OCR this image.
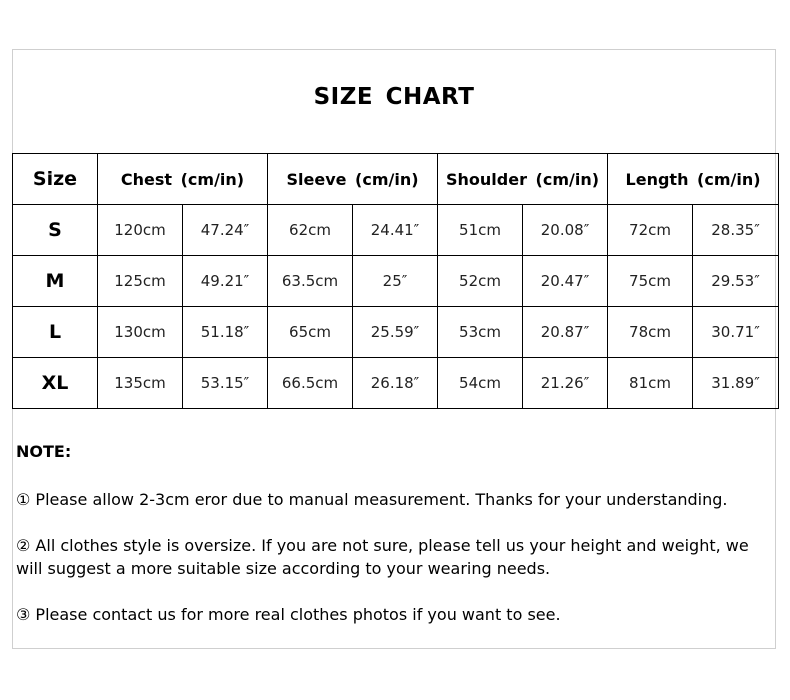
SIZE CHART
Size	Chest (cm/in)		Sleeve (cm/in)		Shoulder (cm/in)		Length (cm/in)	
S	120cm	47.24″	62cm	24.41″	51cm	20.08″	72cm	28.35″
M	125cm	49.21″	63.5cm	25″	52cm	20.47″	75cm	29.53″
L	130cm	51.18″	65cm	25.59″	53cm	20.87″	78cm	30.71″
XL	135cm	53.15″	66.5cm	26.18″	54cm	21.26″	81cm	31.89″
NOTE:
① Please allow 2-3cm eror due to manual measurement. Thanks for your understanding.
② All clothes style is oversize. If you are not sure, please tell us your height and weight, we will suggest a more suitable size according to your wearing needs.
③ Please contact us for more real clothes photos if you want to see.
